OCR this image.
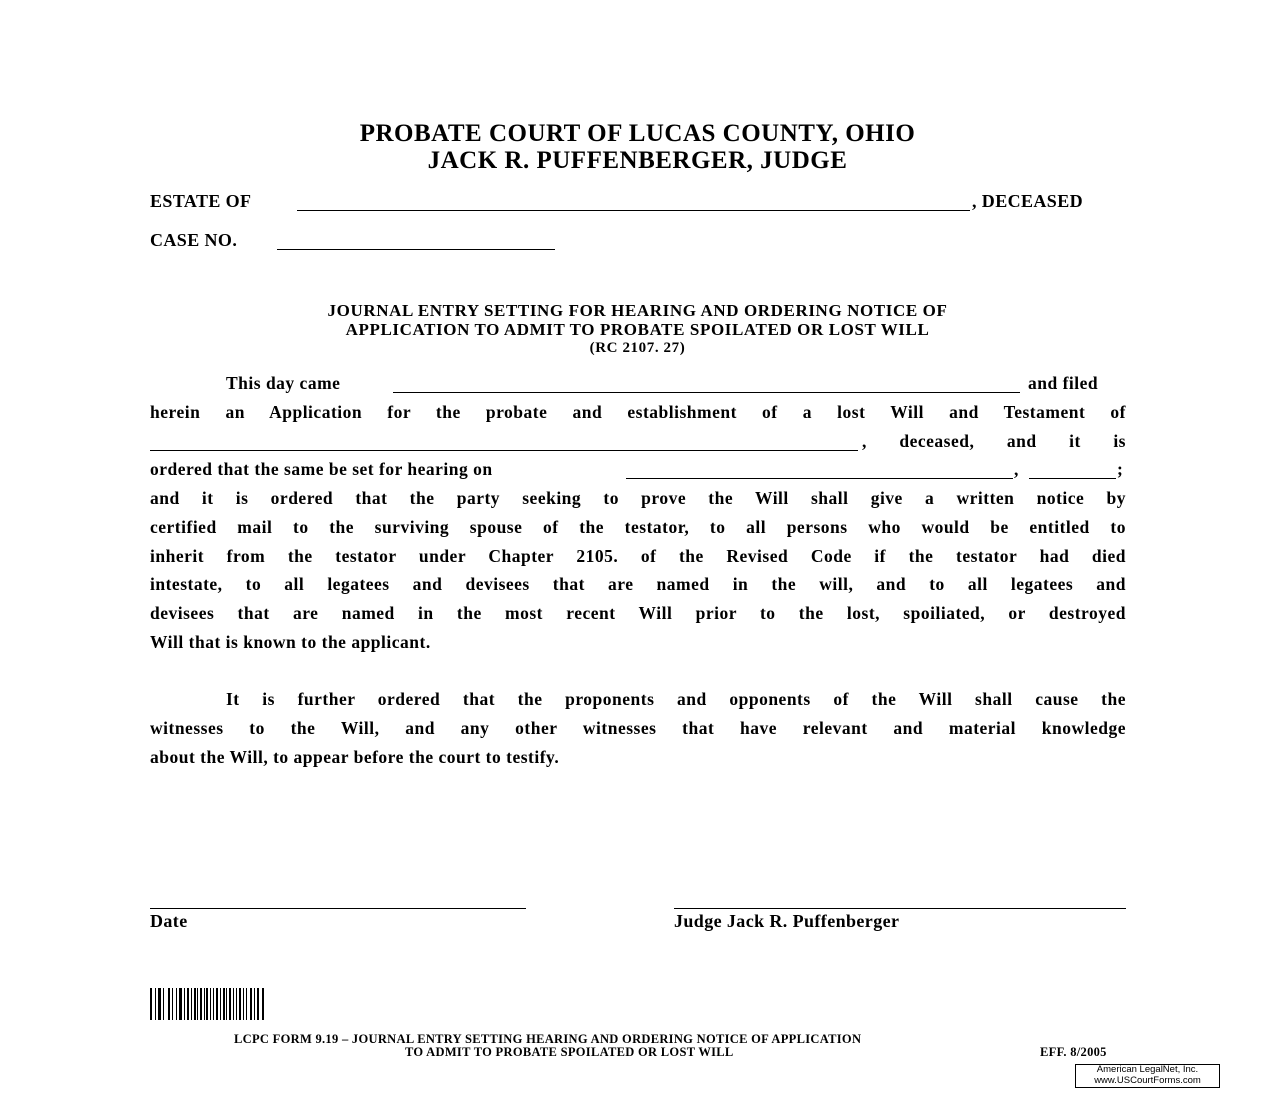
PROBATE COURT OF LUCAS COUNTY, OHIO
JACK R. PUFFENBERGER, JUDGE
ESTATE OF	, DECEASED
CASE NO.
JOURNAL ENTRY SETTING FOR HEARING AND ORDERING NOTICE OF
APPLICATION TO ADMIT TO PROBATE SPOILATED OR LOST WILL
(RC 2107. 27)
This day came	and filed
herein an Application for the probate and establishment of a lost Will and Testament of
, deceased, and it is
ordered that the same be set for hearing on	,	;
and it is ordered that the party seeking to prove the Will shall give a written notice by
certified mail to the surviving spouse of the testator, to all persons who would be entitled to
inherit from the testator under Chapter 2105. of the Revised Code if the testator had died
intestate, to all legatees and devisees that are named in the will, and to all legatees and
devisees that are named in the most recent Will prior to the lost, spoiliated, or destroyed
Will that is known to the applicant.
It is further ordered that the proponents and opponents of the Will shall cause the
witnesses to the Will, and any other witnesses that have relevant and material knowledge
about the Will, to appear before the court to testify.
Date	Judge Jack R. Puffenberger
LCPC FORM 9.19 – JOURNAL ENTRY SETTING HEARING AND ORDERING NOTICE OF APPLICATION
TO ADMIT TO PROBATE SPOILATED OR LOST WILL	EFF. 8/2005
American LegalNet, Inc.
www.USCourtForms.com
